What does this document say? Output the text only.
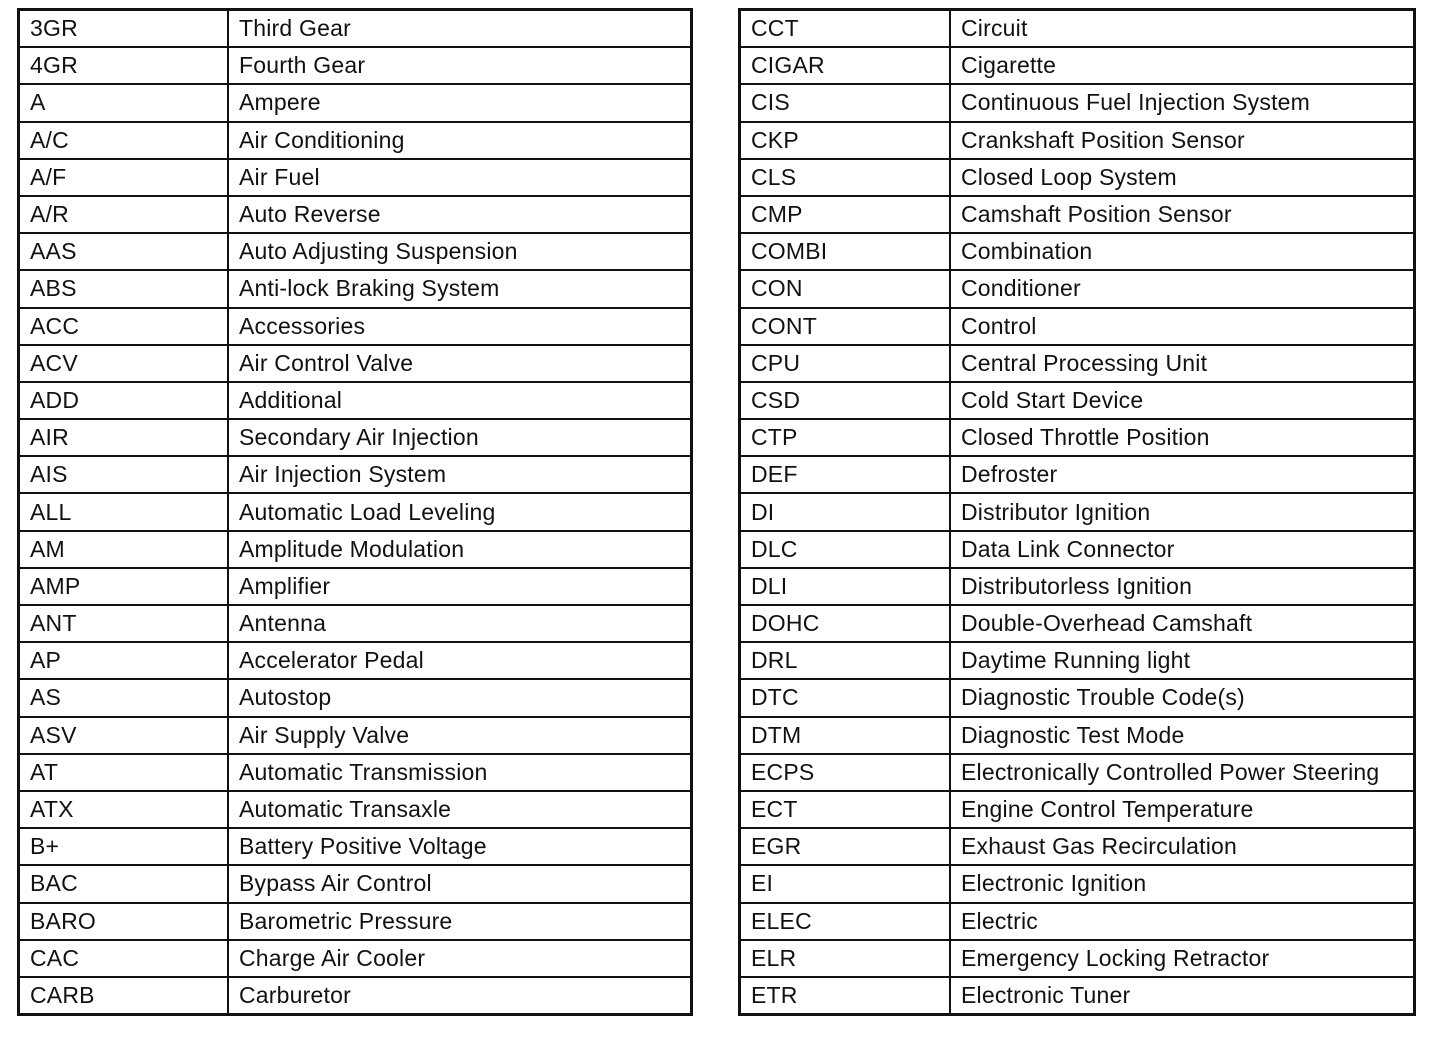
3GR	Third Gear
4GR	Fourth Gear
A	Ampere
A/C	Air Conditioning
A/F	Air Fuel
A/R	Auto Reverse
AAS	Auto Adjusting Suspension
ABS	Anti-lock Braking System
ACC	Accessories
ACV	Air Control Valve
ADD	Additional
AIR	Secondary Air Injection
AIS	Air Injection System
ALL	Automatic Load Leveling
AM	Amplitude Modulation
AMP	Amplifier
ANT	Antenna
AP	Accelerator Pedal
AS	Autostop
ASV	Air Supply Valve
AT	Automatic Transmission
ATX	Automatic Transaxle
B+	Battery Positive Voltage
BAC	Bypass Air Control
BARO	Barometric Pressure
CAC	Charge Air Cooler
CARB	Carburetor
CCT	Circuit
CIGAR	Cigarette
CIS	Continuous Fuel Injection System
CKP	Crankshaft Position Sensor
CLS	Closed Loop System
CMP	Camshaft Position Sensor
COMBI	Combination
CON	Conditioner
CONT	Control
CPU	Central Processing Unit
CSD	Cold Start Device
CTP	Closed Throttle Position
DEF	Defroster
DI	Distributor Ignition
DLC	Data Link Connector
DLI	Distributorless Ignition
DOHC	Double-Overhead Camshaft
DRL	Daytime Running light
DTC	Diagnostic Trouble Code(s)
DTM	Diagnostic Test Mode
ECPS	Electronically Controlled Power Steering
ECT	Engine Control Temperature
EGR	Exhaust Gas Recirculation
EI	Electronic Ignition
ELEC	Electric
ELR	Emergency Locking Retractor
ETR	Electronic Tuner
